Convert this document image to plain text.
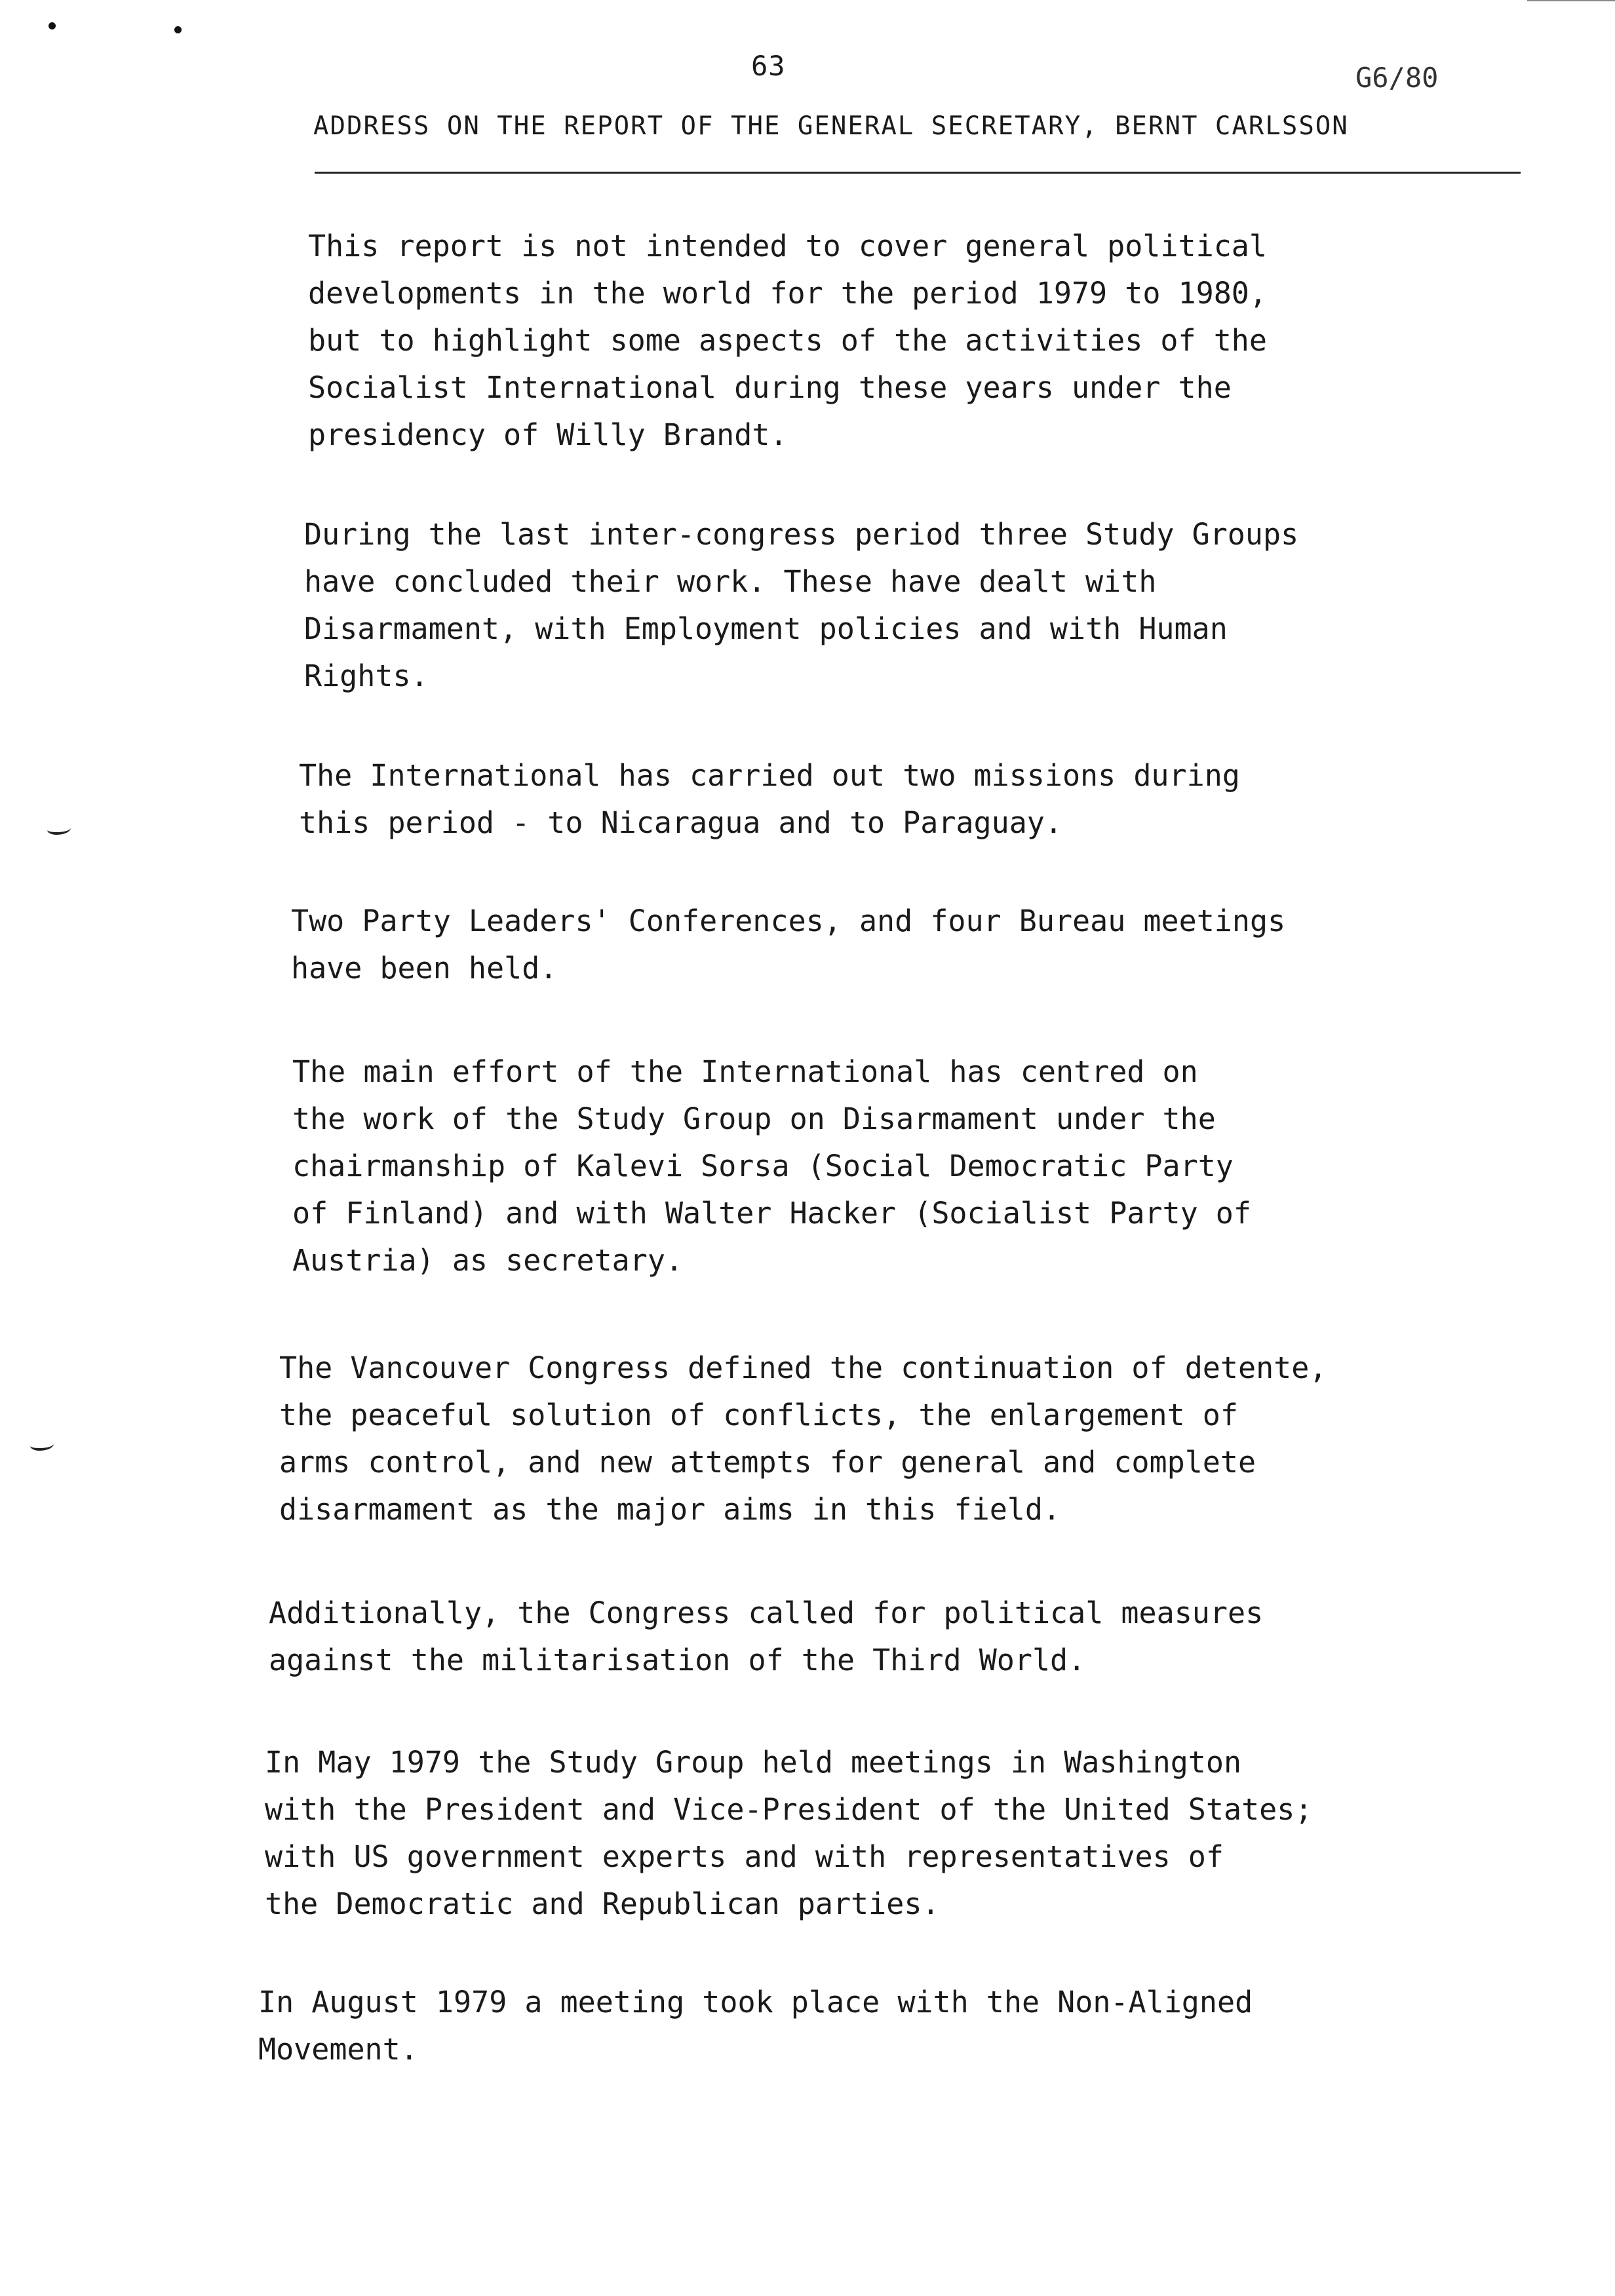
63	G6/80
ADDRESS ON THE REPORT OF THE GENERAL SECRETARY, BERNT CARLSSON
This report is not intended to cover general political
developments in the world for the period 1979 to 1980,
but to highlight some aspects of the activities of the
Socialist International during these years under the
presidency of Willy Brandt.
During the last inter-congress period three Study Groups
have concluded their work. These have dealt with
Disarmament, with Employment policies and with Human
Rights.
The International has carried out two missions during
this period - to Nicaragua and to Paraguay.
Two Party Leaders' Conferences, and four Bureau meetings
have been held.
The main effort of the International has centred on
the work of the Study Group on Disarmament under the
chairmanship of Kalevi Sorsa (Social Democratic Party
of Finland) and with Walter Hacker (Socialist Party of
Austria) as secretary.
The Vancouver Congress defined the continuation of detente,
the peaceful solution of conflicts, the enlargement of
arms control, and new attempts for general and complete
disarmament as the major aims in this field.
Additionally, the Congress called for political measures
against the militarisation of the Third World.
In May 1979 the Study Group held meetings in Washington
with the President and Vice-President of the United States;
with US government experts and with representatives of
the Democratic and Republican parties.
In August 1979 a meeting took place with the Non-Aligned
Movement.
